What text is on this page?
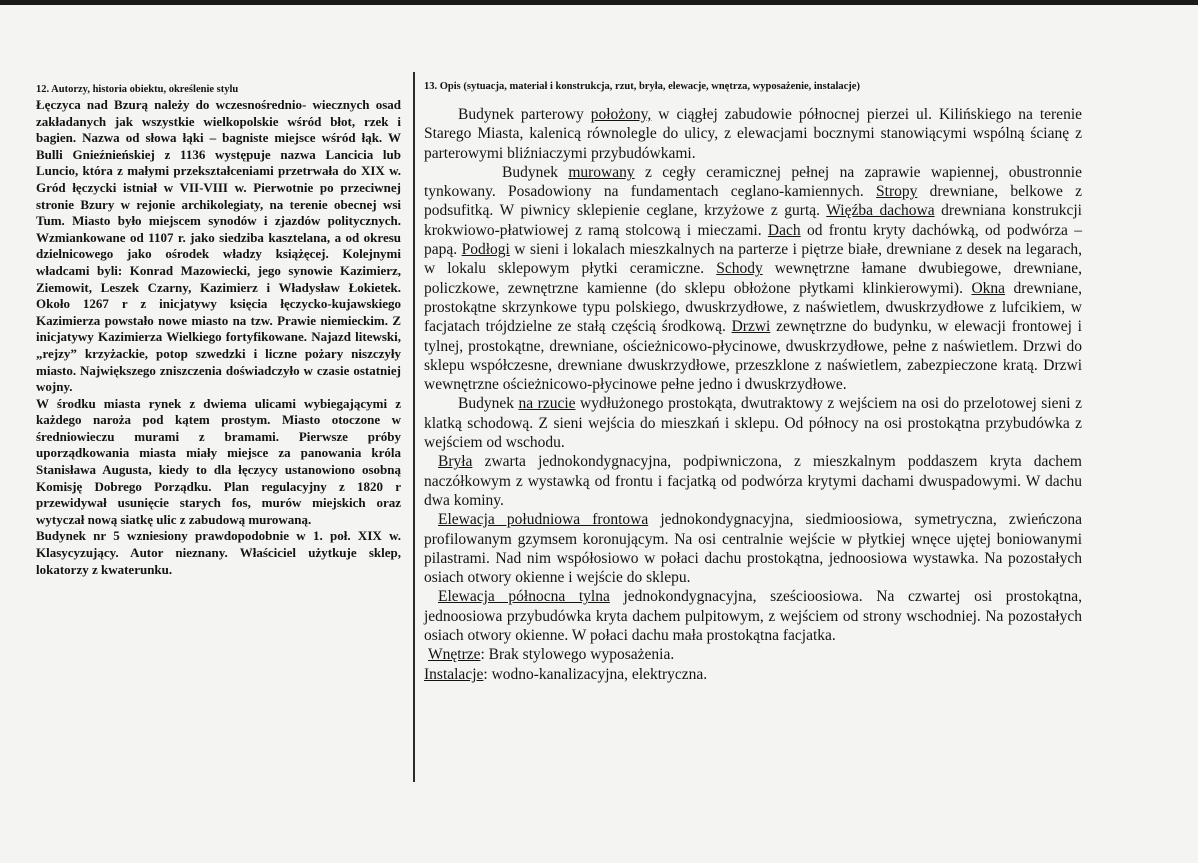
12. Autorzy, historia obiektu, określenie stylu

Łęczyca nad Bzurą należy do wczesnośrednio- wiecznych osad zakładanych jak wszystkie wielkopolskie wśród błot, rzek i bagien. Nazwa od słowa łąki – bagniste miejsce wśród łąk. W Bulli Gnieźnieńskiej z 1136 występuje nazwa Lancicia lub Luncio, która z małymi przekształceniami przetrwała do XIX w. Gród łęczycki istniał w VII-VIII w. Pierwotnie po przeciwnej stronie Bzury w rejonie archikolegiaty, na terenie obecnej wsi Tum. Miasto było miejscem synodów i zjazdów politycznych. Wzmiankowane od 1107 r. jako siedziba kasztelana, a od okresu dzielnicowego jako ośrodek władzy książęcej. Kolejnymi władcami byli: Konrad Mazowiecki, jego synowie Kazimierz, Ziemowit, Leszek Czarny, Kazimierz i Władysław Łokietek. Około 1267 r z inicjatywy księcia łęczycko-kujawskiego Kazimierza powstało nowe miasto na tzw. Prawie niemieckim. Z inicjatywy Kazimierza Wielkiego fortyfikowane. Najazd litewski, „rejzy” krzyżackie, potop szwedzki i liczne pożary niszczyły miasto. Największego zniszczenia doświadczyło w czasie ostatniej wojny.

W środku miasta rynek z dwiema ulicami wybiegającymi z każdego naroża pod kątem prostym. Miasto otoczone w średniowieczu murami z bramami. Pierwsze próby uporządkowania miasta miały miejsce za panowania króla Stanisława Augusta, kiedy to dla łęczycy ustanowiono osobną Komisję Dobrego Porządku. Plan regulacyjny z 1820 r przewidywał usunięcie starych fos, murów miejskich oraz wytyczał nową siatkę ulic z zabudową murowaną.

Budynek nr 5 wzniesiony prawdopodobnie w 1. poł. XIX w. Klasycyzujący. Autor nieznany. Właściciel użytkuje sklep, lokatorzy z kwaterunku.

13. Opis (sytuacja, materiał i konstrukcja, rzut, bryła, elewacje, wnętrza, wyposażenie, instalacje)

Budynek parterowy położony, w ciągłej zabudowie północnej pierzei ul. Kilińskiego na terenie Starego Miasta, kalenicą równolegle do ulicy, z elewacjami bocznymi stanowiącymi wspólną ścianę z parterowymi bliźniaczymi przybudówkami.

Budynek murowany z cegły ceramicznej pełnej na zaprawie wapiennej, obustronnie tynkowany. Posadowiony na fundamentach ceglano-kamiennych. Stropy drewniane, belkowe z podsufitką. W piwnicy sklepienie ceglane, krzyżowe z gurtą. Więźba dachowa drewniana konstrukcji krokwiowo-płatwiowej z ramą stolcową i mieczami. Dach od frontu kryty dachówką, od podwórza – papą. Podłogi w sieni i lokalach mieszkalnych na parterze i piętrze białe, drewniane z desek na legarach, w lokalu sklepowym płytki ceramiczne. Schody wewnętrzne łamane dwubiegowe, drewniane, policzkowe, zewnętrzne kamienne (do sklepu obłożone płytkami klinkierowymi). Okna drewniane, prostokątne skrzynkowe typu polskiego, dwuskrzydłowe, z naświetlem, dwuskrzydłowe z lufcikiem, w facjatach trójdzielne ze stałą częścią środkową. Drzwi zewnętrzne do budynku, w elewacji frontowej i tylnej, prostokątne, drewniane, ościeżnicowo-płycinowe, dwuskrzydłowe, pełne z naświetlem. Drzwi do sklepu współczesne, drewniane dwuskrzydłowe, przeszklone z naświetlem, zabezpieczone kratą. Drzwi wewnętrzne ościeżnicowo-płycinowe pełne jedno i dwuskrzydłowe.

Budynek na rzucie wydłużonego prostokąta, dwutraktowy z wejściem na osi do przelotowej sieni z klatką schodową. Z sieni wejścia do mieszkań i sklepu. Od północy na osi prostokątna przybudówka z wejściem od wschodu.

Bryła zwarta jednokondygnacyjna, podpiwniczona, z mieszkalnym poddaszem kryta dachem naczółkowym z wystawką od frontu i facjatką od podwórza krytymi dachami dwuspadowymi. W dachu dwa kominy.

Elewacja południowa frontowa jednokondygnacyjna, siedmioosiowa, symetryczna, zwieńczona profilowanym gzymsem koronującym. Na osi centralnie wejście w płytkiej wnęce ujętej boniowanymi pilastrami. Nad nim współosiowo w połaci dachu prostokątna, jednoosiowa wystawka. Na pozostałych osiach otwory okienne i wejście do sklepu.

Elewacja północna tylna jednokondygnacyjna, sześcioosiowa. Na czwartej osi prostokątna, jednoosiowa przybudówka kryta dachem pulpitowym, z wejściem od strony wschodniej. Na pozostałych osiach otwory okienne. W połaci dachu mała prostokątna facjatka.

Wnętrze: Brak stylowego wyposażenia.

Instalacje: wodno-kanalizacyjna, elektryczna.
